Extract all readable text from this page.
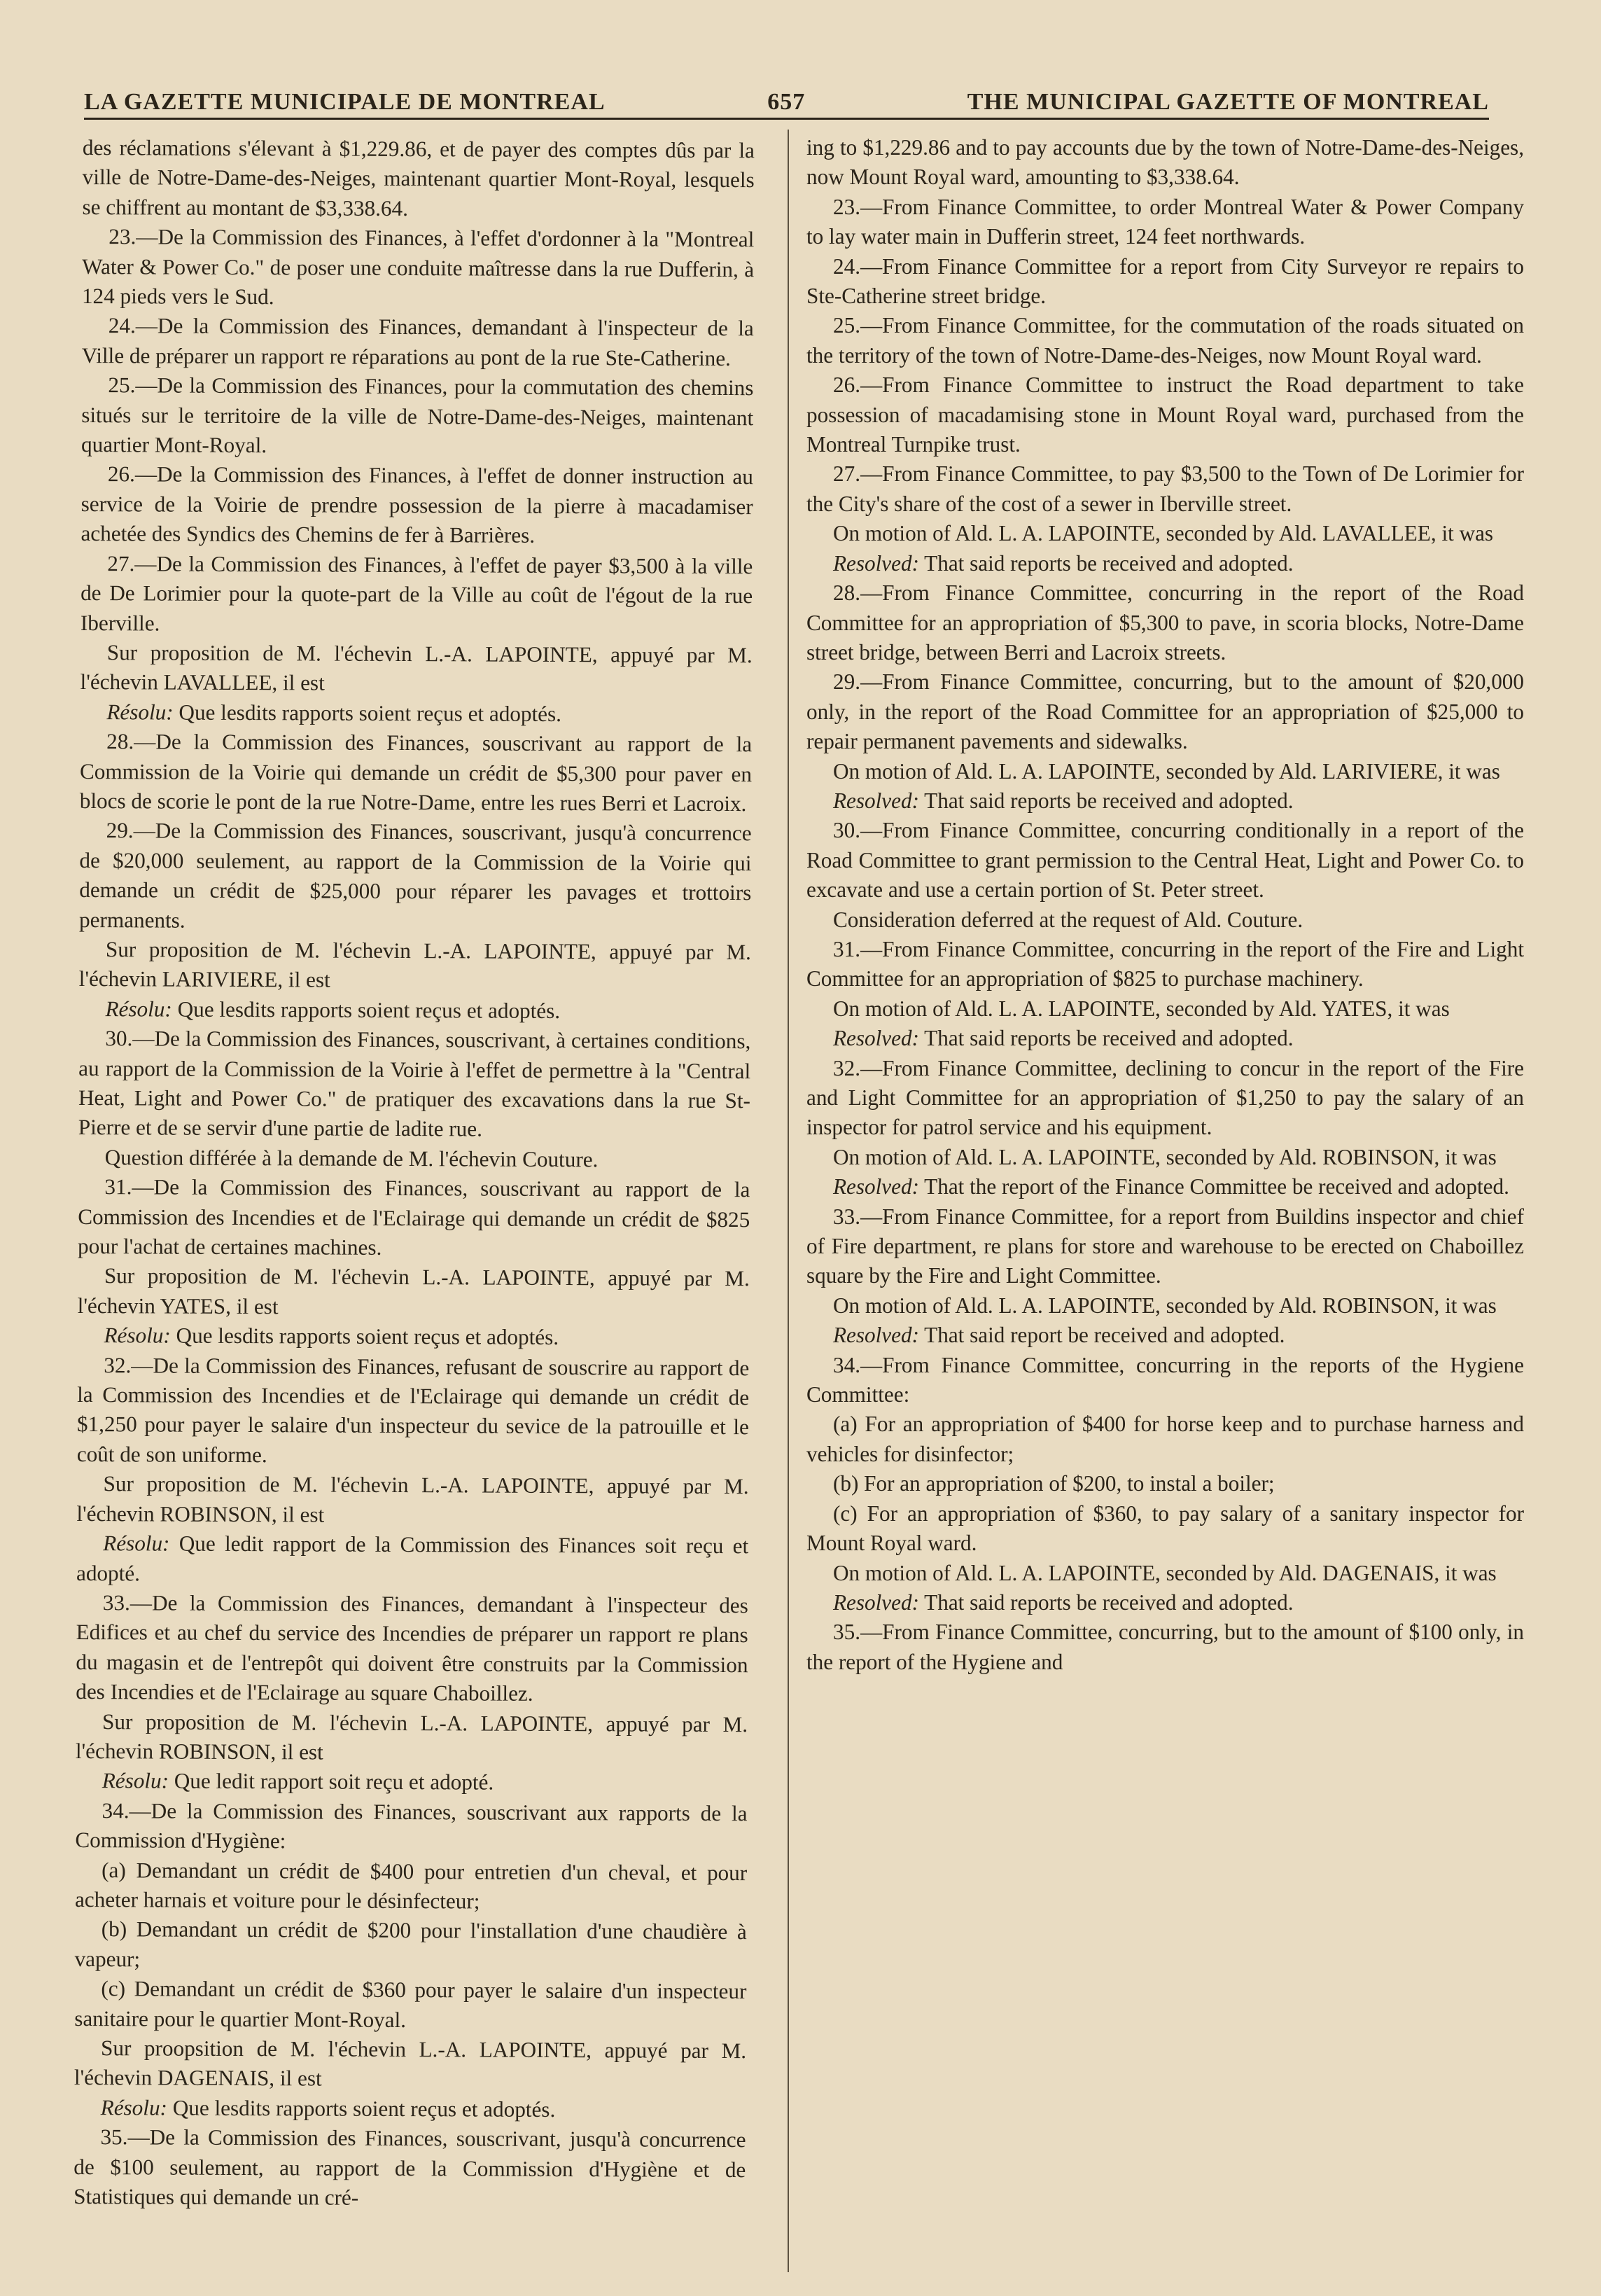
LA GAZETTE MUNICIPALE DE MONTREAL	657	THE MUNICIPAL GAZETTE OF MONTREAL

des réclamations s'élevant à $1,229.86, et de payer des comptes dûs par la ville de Notre-Dame-des-Neiges, maintenant quartier Mont-Royal, lesquels se chiffrent au montant de $3,338.64.

23.—De la Commission des Finances, à l'effet d'ordonner à la "Montreal Water & Power Co." de poser une conduite maîtresse dans la rue Dufferin, à 124 pieds vers le Sud.

24.—De la Commission des Finances, demandant à l'inspecteur de la Ville de préparer un rapport re réparations au pont de la rue Ste-Catherine.

25.—De la Commission des Finances, pour la commutation des chemins situés sur le territoire de la ville de Notre-Dame-des-Neiges, maintenant quartier Mont-Royal.

26.—De la Commission des Finances, à l'effet de donner instruction au service de la Voirie de prendre possession de la pierre à macadamiser achetée des Syndics des Chemins de fer à Barrières.

27.—De la Commission des Finances, à l'effet de payer $3,500 à la ville de De Lorimier pour la quote-part de la Ville au coût de l'égout de la rue Iberville.

Sur proposition de M. l'échevin L.-A. LAPOINTE, appuyé par M. l'échevin LAVALLEE, il est

Résolu: Que lesdits rapports soient reçus et adoptés.

28.—De la Commission des Finances, souscrivant au rapport de la Commission de la Voirie qui demande un crédit de $5,300 pour paver en blocs de scorie le pont de la rue Notre-Dame, entre les rues Berri et Lacroix.

29.—De la Commission des Finances, souscrivant, jusqu'à concurrence de $20,000 seulement, au rapport de la Commission de la Voirie qui demande un crédit de $25,000 pour réparer les pavages et trottoirs permanents.

Sur proposition de M. l'échevin L.-A. LAPOINTE, appuyé par M. l'échevin LARIVIERE, il est

Résolu: Que lesdits rapports soient reçus et adoptés.

30.—De la Commission des Finances, souscrivant, à certaines conditions, au rapport de la Commission de la Voirie à l'effet de permettre à la "Central Heat, Light and Power Co." de pratiquer des excavations dans la rue St-Pierre et de se servir d'une partie de ladite rue.

Question différée à la demande de M. l'échevin Couture.

31.—De la Commission des Finances, souscrivant au rapport de la Commission des Incendies et de l'Eclairage qui demande un crédit de $825 pour l'achat de certaines machines.

Sur proposition de M. l'échevin L.-A. LAPOINTE, appuyé par M. l'échevin YATES, il est

Résolu: Que lesdits rapports soient reçus et adoptés.

32.—De la Commission des Finances, refusant de souscrire au rapport de la Commission des Incendies et de l'Eclairage qui demande un crédit de $1,250 pour payer le salaire d'un inspecteur du sevice de la patrouille et le coût de son uniforme.

Sur proposition de M. l'échevin L.-A. LAPOINTE, appuyé par M. l'échevin ROBINSON, il est

Résolu: Que ledit rapport de la Commission des Finances soit reçu et adopté.

33.—De la Commission des Finances, demandant à l'inspecteur des Edifices et au chef du service des Incendies de préparer un rapport re plans du magasin et de l'entrepôt qui doivent être construits par la Commission des Incendies et de l'Eclairage au square Chaboillez.

Sur proposition de M. l'échevin L.-A. LAPOINTE, appuyé par M. l'échevin ROBINSON, il est

Résolu: Que ledit rapport soit reçu et adopté.

34.—De la Commission des Finances, souscrivant aux rapports de la Commission d'Hygiène:

(a) Demandant un crédit de $400 pour entretien d'un cheval, et pour acheter harnais et voiture pour le désinfecteur;

(b) Demandant un crédit de $200 pour l'installation d'une chaudière à vapeur;

(c) Demandant un crédit de $360 pour payer le salaire d'un inspecteur sanitaire pour le quartier Mont-Royal.

Sur proopsition de M. l'échevin L.-A. LAPOINTE, appuyé par M. l'échevin DAGENAIS, il est

Résolu: Que lesdits rapports soient reçus et adoptés.

35.—De la Commission des Finances, souscrivant, jusqu'à concurrence de $100 seulement, au rapport de la Commission d'Hygiène et de Statistiques qui demande un cré-

ing to $1,229.86 and to pay accounts due by the town of Notre-Dame-des-Neiges, now Mount Royal ward, amounting to $3,338.64.

23.—From Finance Committee, to order Montreal Water & Power Company to lay water main in Dufferin street, 124 feet northwards.

24.—From Finance Committee for a report from City Surveyor re repairs to Ste-Catherine street bridge.

25.—From Finance Committee, for the commutation of the roads situated on the territory of the town of Notre-Dame-des-Neiges, now Mount Royal ward.

26.—From Finance Committee to instruct the Road department to take possession of macadamising stone in Mount Royal ward, purchased from the Montreal Turnpike trust.

27.—From Finance Committee, to pay $3,500 to the Town of De Lorimier for the City's share of the cost of a sewer in Iberville street.

On motion of Ald. L. A. LAPOINTE, seconded by Ald. LAVALLEE, it was

Resolved: That said reports be received and adopted.

28.—From Finance Committee, concurring in the report of the Road Committee for an appropriation of $5,300 to pave, in scoria blocks, Notre-Dame street bridge, between Berri and Lacroix streets.

29.—From Finance Committee, concurring, but to the amount of $20,000 only, in the report of the Road Committee for an appropriation of $25,000 to repair permanent pavements and sidewalks.

On motion of Ald. L. A. LAPOINTE, seconded by Ald. LARIVIERE, it was

Resolved: That said reports be received and adopted.

30.—From Finance Committee, concurring conditionally in a report of the Road Committee to grant permission to the Central Heat, Light and Power Co. to excavate and use a certain portion of St. Peter street.

Consideration deferred at the request of Ald. Couture.

31.—From Finance Committee, concurring in the report of the Fire and Light Committee for an appropriation of $825 to purchase machinery.

On motion of Ald. L. A. LAPOINTE, seconded by Ald. YATES, it was

Resolved: That said reports be received and adopted.

32.—From Finance Committee, declining to concur in the report of the Fire and Light Committee for an appropriation of $1,250 to pay the salary of an inspector for patrol service and his equipment.

On motion of Ald. L. A. LAPOINTE, seconded by Ald. ROBINSON, it was

Resolved: That the report of the Finance Committee be received and adopted.

33.—From Finance Committee, for a report from Buildins inspector and chief of Fire department, re plans for store and warehouse to be erected on Chaboillez square by the Fire and Light Committee.

On motion of Ald. L. A. LAPOINTE, seconded by Ald. ROBINSON, it was

Resolved: That said report be received and adopted.

34.—From Finance Committee, concurring in the reports of the Hygiene Committee:

(a) For an appropriation of $400 for horse keep and to purchase harness and vehicles for disinfector;

(b) For an appropriation of $200, to instal a boiler;

(c) For an appropriation of $360, to pay salary of a sanitary inspector for Mount Royal ward.

On motion of Ald. L. A. LAPOINTE, seconded by Ald. DAGENAIS, it was

Resolved: That said reports be received and adopted.

35.—From Finance Committee, concurring, but to the amount of $100 only, in the report of the Hygiene and
